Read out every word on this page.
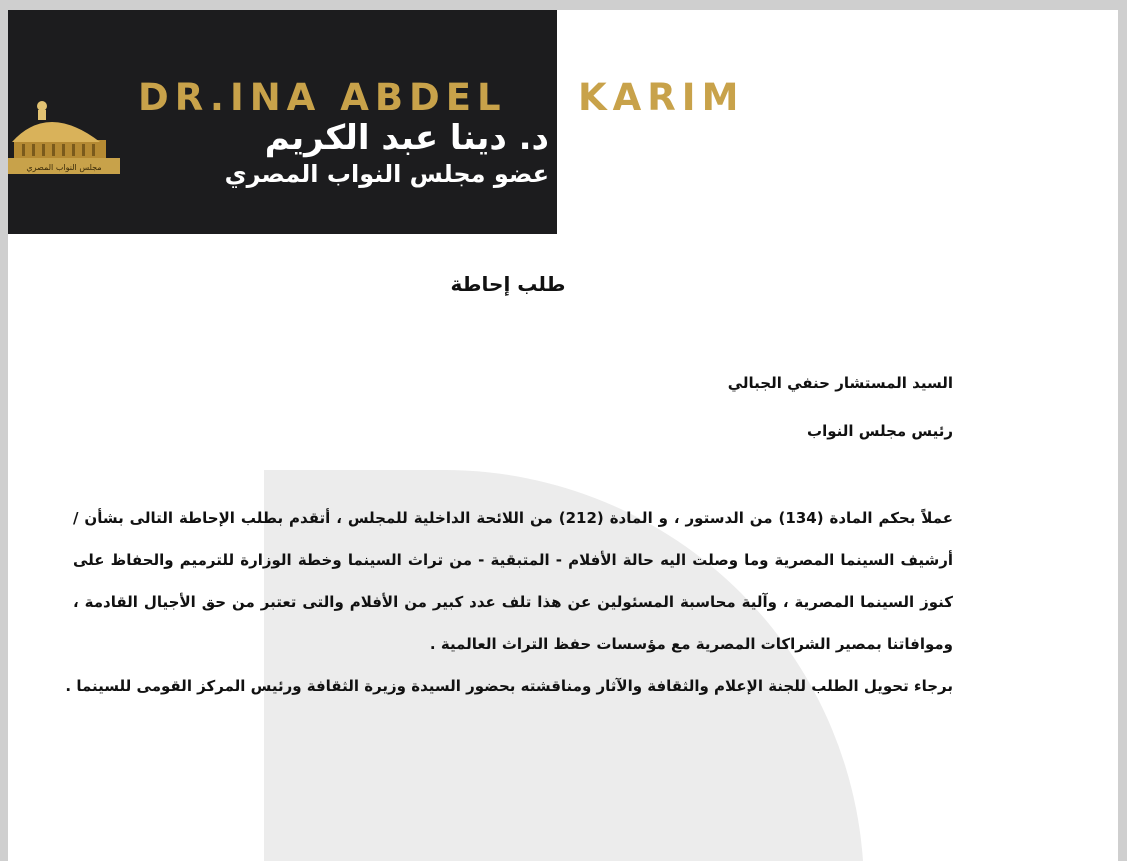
مجلس النواب المصري
DR.INA ABDEL
د. دينا عبد الكريم
عضو مجلس النواب المصري
KARIM
طلب إحاطة
السيد المستشار حنفي الجبالي
رئيس مجلس النواب
عملاً بحكم المادة (134) من الدستور ، و المادة (212) من اللائحة الداخلية للمجلس ، أتقدم بطلب الإحاطة التالى بشأن /أرشيف السينما المصرية وما وصلت اليه حالة الأفلام - المتبقية - من تراث السينما وخطة الوزارة للترميم والحفاظ على كنوز السينما المصرية ، وآلية محاسبة المسئولين عن هذا تلف عدد كبير من الأفلام والتى تعتبر من حق الأجيال القادمة ، وموافاتنا بمصير الشراكات المصرية مع مؤسسات حفظ التراث العالمية .
برجاء تحويل الطلب للجنة الإعلام والثقافة والآثار ومناقشته بحضور السيدة وزيرة الثقافة ورئيس المركز القومى للسينما .
